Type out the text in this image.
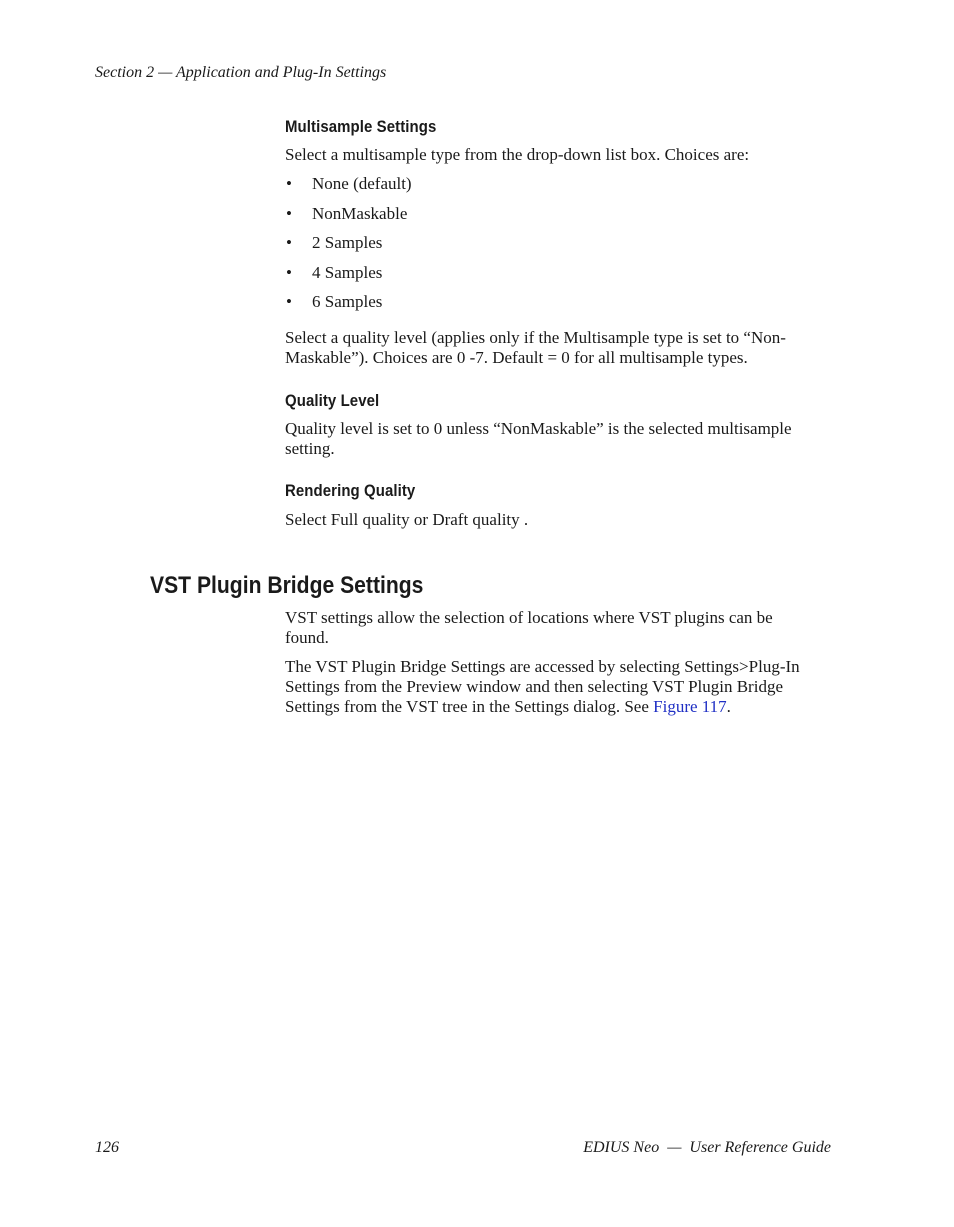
Section 2 — Application and Plug-In Settings
Multisample Settings
Select a multisample type from the drop-down list box. Choices are:
• None (default)
• NonMaskable
• 2 Samples
• 4 Samples
• 6 Samples
Select a quality level (applies only if the Multisample type is set to “Non-Maskable”). Choices are 0 -7. Default = 0 for all multisample types.
Quality Level
Quality level is set to 0 unless “NonMaskable” is the selected multisample setting.
Rendering Quality
Select Full quality or Draft quality .
VST Plugin Bridge Settings
VST settings allow the selection of locations where VST plugins can be found.
The VST Plugin Bridge Settings are accessed by selecting Settings>Plug-In Settings from the Preview window and then selecting VST Plugin Bridge Settings from the VST tree in the Settings dialog. See Figure 117.
126	EDIUS Neo  —  User Reference Guide
